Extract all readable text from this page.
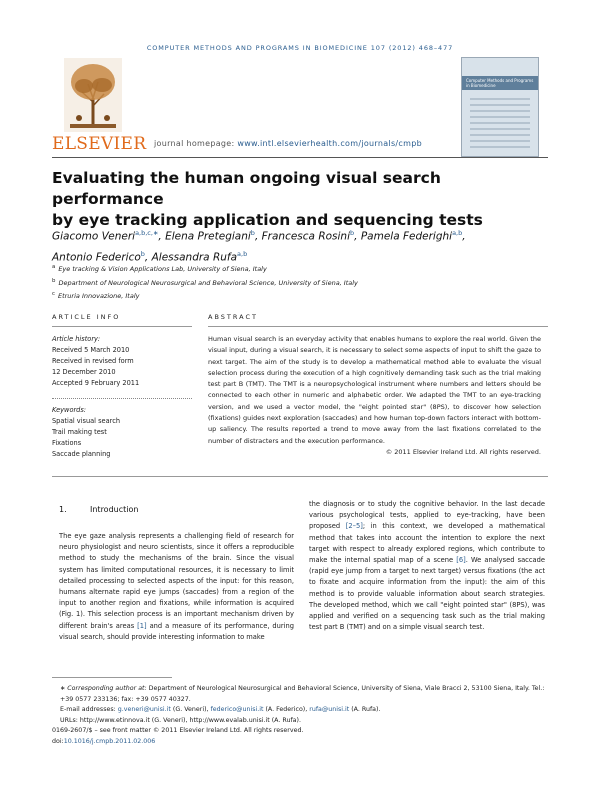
COMPUTER METHODS AND PROGRAMS IN BIOMEDICINE 107 (2012) 468–477
ELSEVIER
Computer Methods and Programs in Biomedicine
journal homepage: www.intl.elsevierhealth.com/journals/cmpb
Evaluating the human ongoing visual search performance
by eye tracking application and sequencing tests
Giacomo Veneri$^{a,b,c,∗}$, Elena Pretegiani$^b$, Francesca Rosini$^b$, Pamela Federighi$^{a,b}$,
Antonio Federico$^b$, Alessandra Rufa$^{a,b}$
$^a$ Eye tracking & Vision Applications Lab, University of Siena, Italy
$^b$ Department of Neurological Neurosurgical and Behavioral Science, University of Siena, Italy
$^c$ Etruria Innovazione, Italy
ARTICLE INFO	ABSTRACT
Article history:
Received 5 March 2010
Received in revised form
12 December 2010
Accepted 9 February 2011
Keywords:
Spatial visual search
Trail making test
Fixations
Saccade planning
Human visual search is an everyday activity that enables humans to explore the real world. Given the visual input, during a visual search, it is necessary to select some aspects of input to shift the gaze to next target. The aim of the study is to develop a mathematical method able to evaluate the visual selection process during the execution of a high cognitively demanding task such as the trial making test part B (TMT). The TMT is a neuropsychological instrument where numbers and letters should be connected to each other in numeric and alphabetic order. We adapted the TMT to an eye-tracking version, and we used a vector model, the "eight pointed star" (8PS), to discover how selection (fixations) guides next exploration (saccades) and how human top-down factors interact with bottom-up saliency. The results reported a trend to move away from the last fixations correlated to the number of distracters and the execution performance.
© 2011 Elsevier Ireland Ltd. All rights reserved.
1.	Introduction
The eye gaze analysis represents a challenging field of research for neuro physiologist and neuro scientists, since it offers a reproducible method to study the mechanisms of the brain. Since the visual system has limited computational resources, it is necessary to limit detailed processing to selected aspects of the input: for this reason, humans alternate rapid eye jumps (saccades) from a region of the input to another region and fixations, while information is acquired (Fig. 1). This selection process is an important mechanism driven by different brain's areas [1] and a measure of its performance, during visual search, should provide interesting information to make
the diagnosis or to study the cognitive behavior. In the last decade various psychological tests, applied to eye-tracking, have been proposed [2–5]; in this context, we developed a mathematical method that takes into account the intention to explore the next target with respect to already explored regions, which contribute to make the internal spatial map of a scene [6]. We analysed saccade (rapid eye jump from a target to next target) versus fixations (the act to fixate and acquire information from the input): the aim of this method is to provide valuable information about search strategies. The developed method, which we call "eight pointed star" (8PS), was applied and verified on a sequencing task such as the trial making test part B (TMT) and on a simple visual search test.
∗ Corresponding author at: Department of Neurological Neurosurgical and Behavioral Science, University of Siena, Viale Bracci 2, 53100 Siena, Italy. Tel.: +39 0577 233136; fax: +39 0577 40327.
E-mail addresses: g.veneri@unisi.it (G. Veneri), federico@unisi.it (A. Federico), rufa@unisi.it (A. Rufa).
URLs: http://www.etinnova.it (G. Veneri), http://www.evalab.unisi.it (A. Rufa).
0169-2607/$ – see front matter © 2011 Elsevier Ireland Ltd. All rights reserved.
doi:10.1016/j.cmpb.2011.02.006
